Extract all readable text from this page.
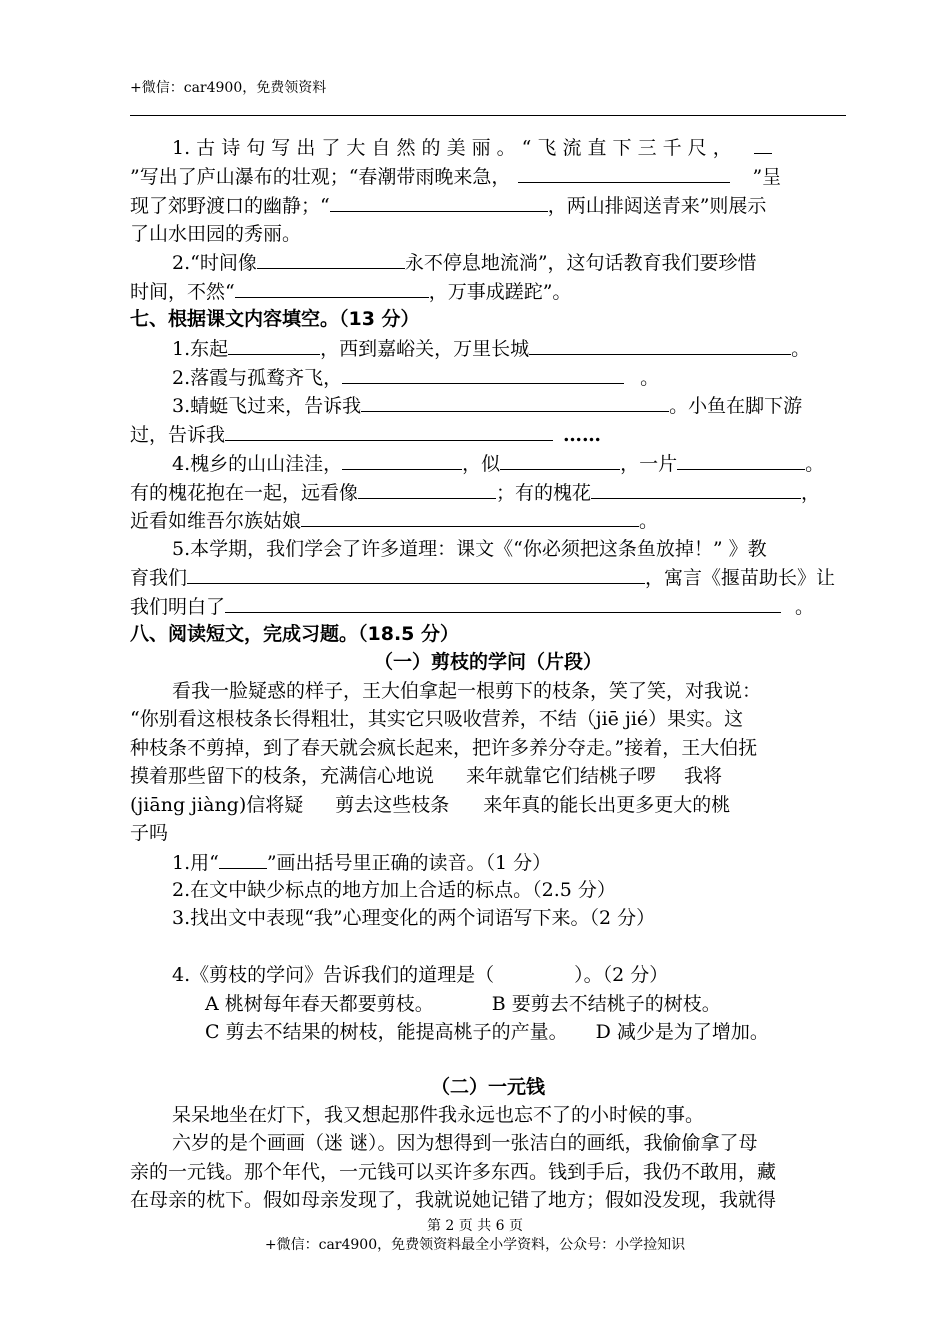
+微信：car4900，免费领资料
1. 古 诗 句 写 出 了 大 自 然 的 美 丽 。 “ 飞 流 直 下 三 千 尺 ，
”写出了庐山瀑布的壮观；“春潮带雨晚来急，	”呈
现了郊野渡口的幽静；“	，两山排闼送青来”则展示
了山水田园的秀丽。
2.“时间像	永不停息地流淌”，这句话教育我们要珍惜
时间，不然“	，万事成蹉跎”。
七、根据课文内容填空。（13 分）
1.东起	，西到嘉峪关，万里长城	。
2.落霞与孤鹜齐飞，	。
3.蜻蜓飞过来，告诉我	。小鱼在脚下游
过，告诉我	……
4.槐乡的山山洼洼，	，似	，一片	。
有的槐花抱在一起，远看像	；有的槐花	，
近看如维吾尔族姑娘	。
5.本学期，我们学会了许多道理：课文《“你必须把这条鱼放掉！” 》教
育我们	，寓言《揠苗助长》让
我们明白了	。
八、阅读短文，完成习题。（18.5 分）
（一）剪枝的学问（片段）
看我一脸疑惑的样子，王大伯拿起一根剪下的枝条，笑了笑，对我说：
“你别看这根枝条长得粗壮，其实它只吸收营养，不结（jiē jié）果实。这
种枝条不剪掉，到了春天就会疯长起来，把许多养分夺走。”接着，王大伯抚
摸着那些留下的枝条，充满信心地说 来年就靠它们结桃子啰 我将
(jiāng jiàng)信将疑 剪去这些枝条 来年真的能长出更多更大的桃
子吗
1.用“	”画出括号里正确的读音。（1 分）
2.在文中缺少标点的地方加上合适的标点。（2.5 分）
3.找出文中表现“我”心理变化的两个词语写下来。（2 分）
4.《剪枝的学问》告诉我们的道理是（	）。（2 分）
A 桃树每年春天都要剪枝。	B 要剪去不结桃子的树枝。
C 剪去不结果的树枝，能提高桃子的产量。 D 减少是为了增加。
（二）一元钱
呆呆地坐在灯下，我又想起那件我永远也忘不了的小时候的事。
六岁的是个画画（迷 谜）。因为想得到一张洁白的画纸，我偷偷拿了母
亲的一元钱。那个年代，一元钱可以买许多东西。钱到手后，我仍不敢用，藏
在母亲的枕下。假如母亲发现了，我就说她记错了地方；假如没发现，我就得
第 2 页 共 6 页
+微信：car4900，免费领资料最全小学资料，公众号：小学捡知识
